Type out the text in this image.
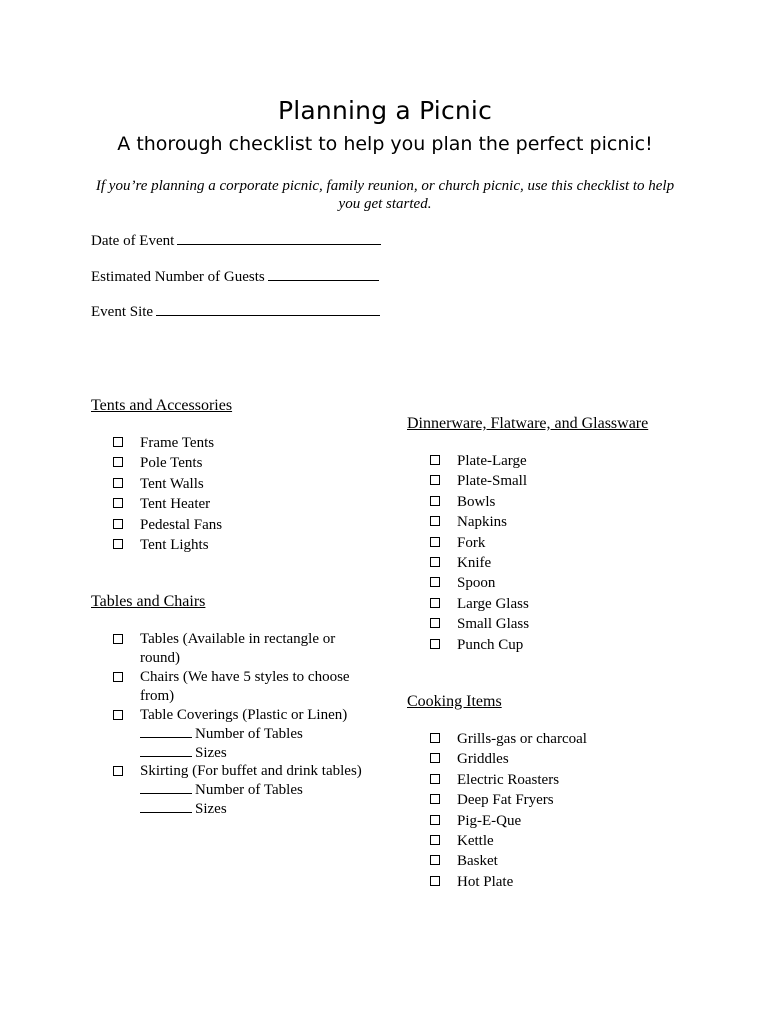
Planning a Picnic
A thorough checklist to help you plan the perfect picnic!
If you’re planning a corporate picnic, family reunion, or church picnic, use this checklist to help you get started.
Date of Event
Estimated Number of Guests
Event Site
Tents and Accessories
Frame Tents
Pole Tents
Tent Walls
Tent Heater
Pedestal Fans
Tent Lights
Tables and Chairs
Tables (Available in rectangle or round)
Chairs (We have 5 styles to choose from)
Table Coverings (Plastic or Linen)
Number of Tables
Sizes
Skirting (For buffet and drink tables)
Number of Tables
Sizes
Dinnerware, Flatware, and Glassware
Plate-Large
Plate-Small
Bowls
Napkins
Fork
Knife
Spoon
Large Glass
Small Glass
Punch Cup
Cooking Items
Grills-gas or charcoal
Griddles
Electric Roasters
Deep Fat Fryers
Pig-E-Que
Kettle
Basket
Hot Plate
